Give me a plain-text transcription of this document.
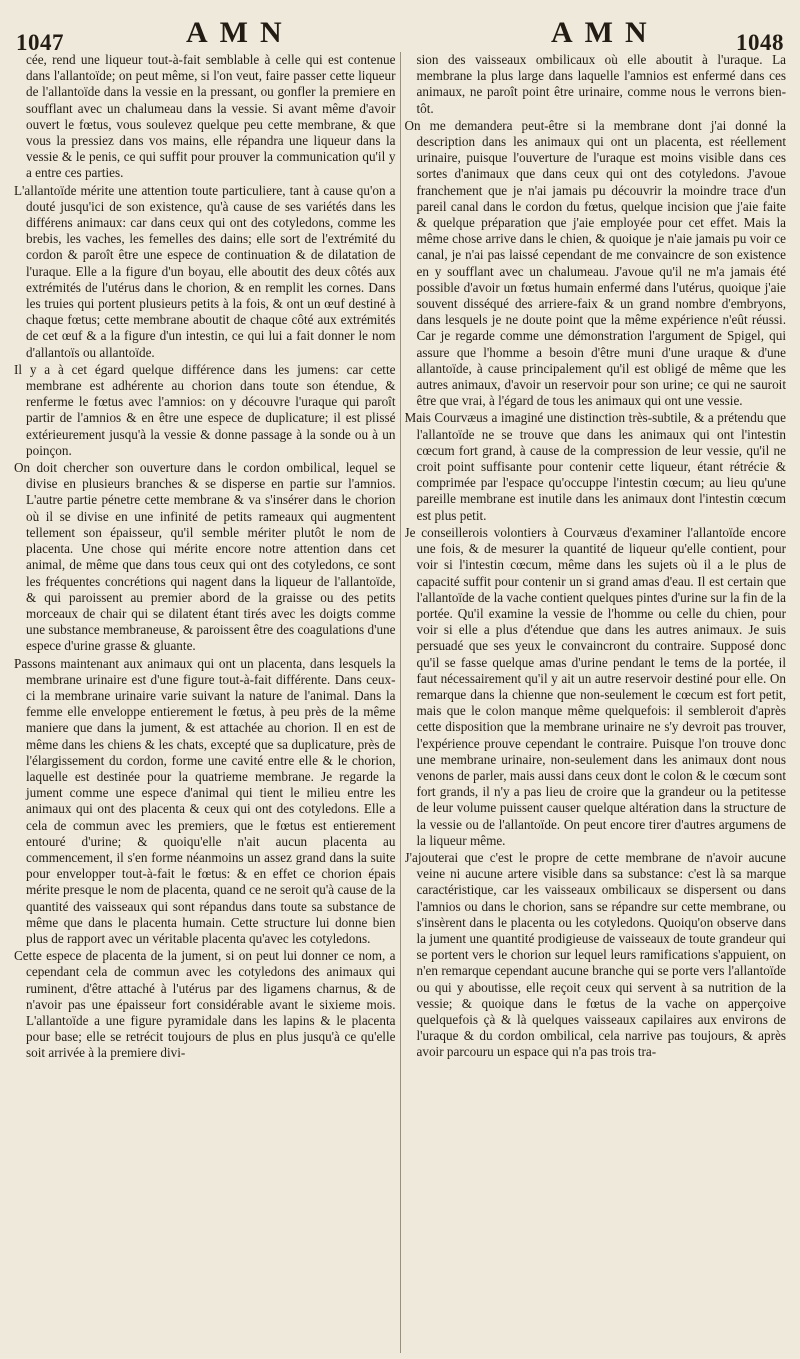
1047	AMN	AMN	1048

cée, rend une liqueur tout-à-fait semblable à celle qui est contenue dans l'allantoïde; on peut même, si l'on veut, faire passer cette liqueur de l'allantoïde dans la vessie en la pressant, ou gonfler la premiere en soufflant avec un chalumeau dans la vessie. Si avant même d'avoir ouvert le fœtus, vous soulevez quelque peu cette membrane, & que vous la pressiez dans vos mains, elle répandra une liqueur dans la vessie & le penis, ce qui suffit pour prouver la communication qu'il y a entre ces parties.

L'allantoïde mérite une attention toute particuliere, tant à cause qu'on a douté jusqu'ici de son existence, qu'à cause de ses variétés dans les différens animaux: car dans ceux qui ont des cotyledons, comme les brebis, les vaches, les femelles des dains; elle sort de l'extrémité du cordon & paroît être une espece de continuation & de dilatation de l'uraque. Elle a la figure d'un boyau, elle aboutit des deux côtés aux extrémités de l'utérus dans le chorion, & en remplit les cornes. Dans les truies qui portent plusieurs petits à la fois, & ont un œuf destiné à chaque fœtus; cette membrane aboutit de chaque côté aux extrémités de cet œuf & a la figure d'un intestin, ce qui lui a fait donner le nom d'allantoïs ou allantoïde.

Il y a à cet égard quelque différence dans les jumens: car cette membrane est adhérente au chorion dans toute son étendue, & renferme le fœtus avec l'amnios: on y découvre l'uraque qui paroît partir de l'amnios & en être une espece de duplicature; il est plissé extérieurement jusqu'à la vessie & donne passage à la sonde ou à un poinçon.

On doit chercher son ouverture dans le cordon ombilical, lequel se divise en plusieurs branches & se disperse en partie sur l'amnios. L'autre partie pénetre cette membrane & va s'insérer dans le chorion où il se divise en une infinité de petits rameaux qui augmentent tellement son épaisseur, qu'il semble mériter plutôt le nom de placenta. Une chose qui mérite encore notre attention dans cet animal, de même que dans tous ceux qui ont des cotyledons, ce sont les fréquentes concrétions qui nagent dans la liqueur de l'allantoïde, & qui paroissent au premier abord de la graisse ou des petits morceaux de chair qui se dilatent étant tirés avec les doigts comme une substance membraneuse, & paroissent être des coagulations d'une espece d'urine grasse & gluante.

Passons maintenant aux animaux qui ont un placenta, dans lesquels la membrane urinaire est d'une figure tout-à-fait différente. Dans ceux-ci la membrane urinaire varie suivant la nature de l'animal. Dans la femme elle enveloppe entierement le fœtus, à peu près de la même maniere que dans la jument, & est attachée au chorion. Il en est de même dans les chiens & les chats, excepté que sa duplicature, près de l'élargissement du cordon, forme une cavité entre elle & le chorion, laquelle est destinée pour la quatrieme membrane. Je regarde la jument comme une espece d'animal qui tient le milieu entre les animaux qui ont des placenta & ceux qui ont des cotyledons. Elle a cela de commun avec les premiers, que le fœtus est entierement entouré d'urine; & quoiqu'elle n'ait aucun placenta au commencement, il s'en forme néanmoins un assez grand dans la suite pour envelopper tout-à-fait le fœtus: & en effet ce chorion épais mérite presque le nom de placenta, quand ce ne seroit qu'à cause de la quantité des vaisseaux qui sont répandus dans toute sa substance de même que dans le placenta humain. Cette structure lui donne bien plus de rapport avec un véritable placenta qu'avec les cotyledons.

Cette espece de placenta de la jument, si on peut lui donner ce nom, a cependant cela de commun avec les cotyledons des animaux qui ruminent, d'être attaché à l'utérus par des ligamens charnus, & de n'avoir pas une épaisseur fort considérable avant le sixieme mois. L'allantoïde a une figure pyramidale dans les lapins & le placenta pour base; elle se retrécit toujours de plus en plus jusqu'à ce qu'elle soit arrivée à la premiere divi-

sion des vaisseaux ombilicaux où elle aboutit à l'uraque. La membrane la plus large dans laquelle l'amnios est enfermé dans ces animaux, ne paroît point être urinaire, comme nous le verrons bien-tôt.

On me demandera peut-être si la membrane dont j'ai donné la description dans les animaux qui ont un placenta, est réellement urinaire, puisque l'ouverture de l'uraque est moins visible dans ces sortes d'animaux que dans ceux qui ont des cotyledons. J'avoue franchement que je n'ai jamais pu découvrir la moindre trace d'un pareil canal dans le cordon du fœtus, quelque incision que j'aie faite & quelque préparation que j'aie employée pour cet effet. Mais la même chose arrive dans le chien, & quoique je n'aie jamais pu voir ce canal, je n'ai pas laissé cependant de me convaincre de son existence en y soufflant avec un chalumeau. J'avoue qu'il ne m'a jamais été possible d'avoir un fœtus humain enfermé dans l'utérus, quoique j'aie souvent disséqué des arriere-faix & un grand nombre d'embryons, dans lesquels je ne doute point que la même expérience n'eût réussi. Car je regarde comme une démonstration l'argument de Spigel, qui assure que l'homme a besoin d'être muni d'une uraque & d'une allantoïde, à cause principalement qu'il est obligé de même que les autres animaux, d'avoir un reservoir pour son urine; ce qui ne sauroit être que vrai, à l'égard de tous les animaux qui ont une vessie.

Mais Courvæus a imaginé une distinction très-subtile, & a prétendu que l'allantoïde ne se trouve que dans les animaux qui ont l'intestin cœcum fort grand, à cause de la compression de leur vessie, qu'il ne croit point suffisante pour contenir cette liqueur, étant rétrécie & comprimée par l'espace qu'occuppe l'intestin cœcum; au lieu qu'une pareille membrane est inutile dans les animaux dont l'intestin cœcum est plus petit.

Je conseillerois volontiers à Courvæus d'examiner l'allantoïde encore une fois, & de mesurer la quantité de liqueur qu'elle contient, pour voir si l'intestin cœcum, même dans les sujets où il a le plus de capacité suffit pour contenir un si grand amas d'eau. Il est certain que l'allantoïde de la vache contient quelques pintes d'urine sur la fin de la portée. Qu'il examine la vessie de l'homme ou celle du chien, pour voir si elle a plus d'étendue que dans les autres animaux. Je suis persuadé que ses yeux le convaincront du contraire. Supposé donc qu'il se fasse quelque amas d'urine pendant le tems de la portée, il faut nécessairement qu'il y ait un autre reservoir destiné pour elle. On remarque dans la chienne que non-seulement le cœcum est fort petit, mais que le colon manque même quelquefois: il sembleroit d'après cette disposition que la membrane urinaire ne s'y devroit pas trouver, l'expérience prouve cependant le contraire. Puisque l'on trouve donc une membrane urinaire, non-seulement dans les animaux dont nous venons de parler, mais aussi dans ceux dont le colon & le cœcum sont fort grands, il n'y a pas lieu de croire que la grandeur ou la petitesse de leur volume puissent causer quelque altération dans la structure de la vessie ou de l'allantoïde. On peut encore tirer d'autres argumens de la liqueur même.

J'ajouterai que c'est le propre de cette membrane de n'avoir aucune veine ni aucune artere visible dans sa substance: c'est là sa marque caractéristique, car les vaisseaux ombilicaux se dispersent ou dans l'amnios ou dans le chorion, sans se répandre sur cette membrane, ou s'insèrent dans le placenta ou les cotyledons. Quoiqu'on observe dans la jument une quantité prodigieuse de vaisseaux de toute grandeur qui se portent vers le chorion sur lequel leurs ramifications s'appuient, on n'en remarque cependant aucune branche qui se porte vers l'allantoïde ou qui y aboutisse, elle reçoit ceux qui servent à sa nutrition de la vessie; & quoique dans le fœtus de la vache on apperçoive quelquefois çà & là quelques vaisseaux capilaires aux environs de l'uraque & du cordon ombilical, cela narrive pas toujours, & après avoir parcouru un espace qui n'a pas trois tra-
